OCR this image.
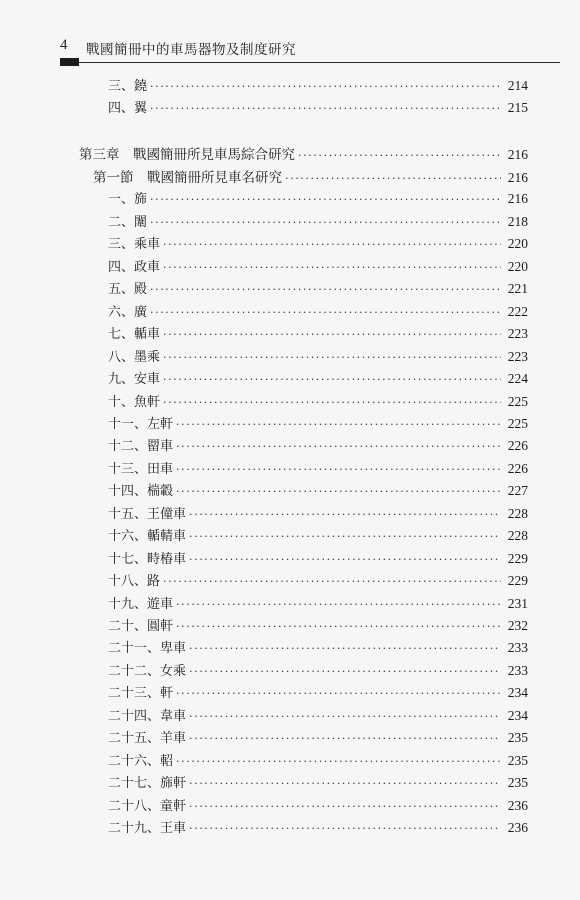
4 戰國簡冊中的車馬器物及制度研究
三、鐃 ·····	214
四、翼 ·····	215
第三章　戰國簡冊所見車馬綜合研究 ·····	216
第一節　戰國簡冊所見車名研究 ·····	216
一、旆 ·····	216
二、闈 ·····	218
三、乘車 ·····	220
四、政車 ·····	220
五、殿 ·····	221
六、廣 ·····	222
七、輴車 ·····	223
八、墨乘 ·····	223
九、安車 ·····	224
十、魚軒 ·····	225
十一、左軒 ·····	225
十二、罶車 ·····	226
十三、田車 ·····	226
十四、椯轂 ·····	227
十五、王僮車 ·····	228
十六、輴輤車 ·····	228
十七、畤椿車 ·····	229
十八、路 ·····	229
十九、遊車 ·····	231
二十、圓軒 ·····	232
二十一、卑車 ·····	233
二十二、女乘 ·····	233
二十三、軒 ·····	234
二十四、韋車 ·····	234
二十五、羊車 ·····	235
二十六、軺 ·····	235
二十七、旆軒 ·····	235
二十八、童軒 ·····	236
二十九、王車 ·····	236
